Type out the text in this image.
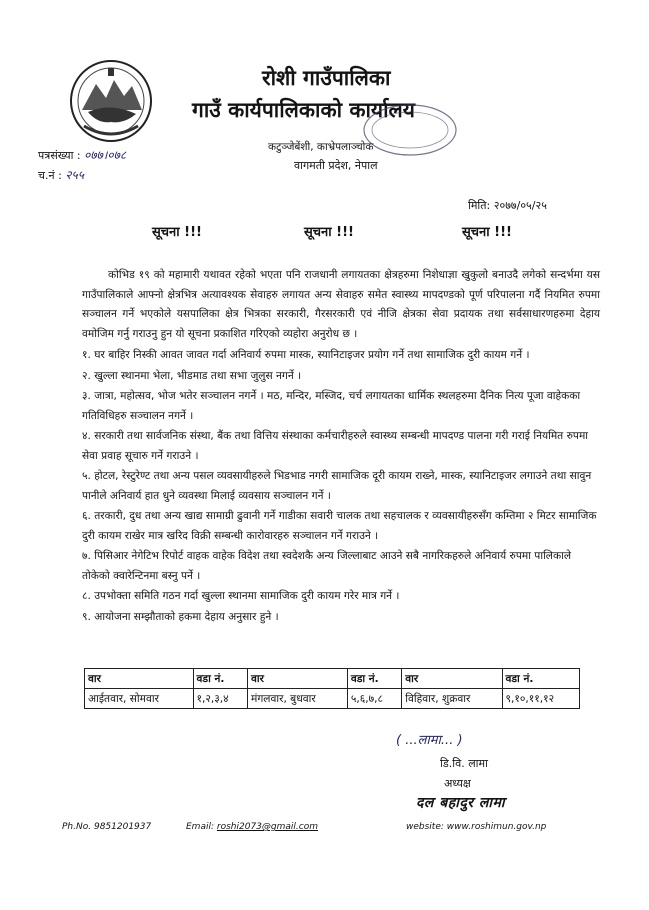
रोशी गाउँपालिका
गाउँ कार्यपालिकाको कार्यालय
कटुञ्जेबेंशी, काभ्रेपलाञ्चोक
वागमती प्रदेश, नेपाल
पत्रसंख्या : ०७७।०७८
च.नं : २५५
मिति: २०७७/०५/२५
सूचना !!!	सूचना !!!	सूचना !!!

कोभिड १९ को महामारी यथावत रहेको भएता पनि राजधानी लगायतका क्षेत्रहरुमा निशेधाज्ञा खुकुलो बनाउदै लगेको सन्दर्भमा यस गाउँपालिकाले आफ्नो क्षेत्रभित्र अत्यावश्यक सेवाहरु लगायत अन्य सेवाहरु समेत स्वास्थ्य मापदण्डको पूर्ण परिपालना गर्दै नियमित रुपमा सञ्चालन गर्ने भएकोले यसपालिका क्षेत्र भित्रका सरकारी, गैरसरकारी एवं नीजि क्षेत्रका सेवा प्रदायक तथा सर्वसाधारणहरुमा देहाय वमोजिम गर्नु गराउनु हुन यो सूचना प्रकाशित गरिएको व्यहोरा अनुरोध छ ।

१. घर बाहिर निस्की आवत जावत गर्दा अनिवार्य रुपमा मास्क, स्यानिटाइजर प्रयोग गर्ने तथा सामाजिक दुरी कायम गर्ने ।

२. खुल्ला स्थानमा भेला, भीडमाड तथा सभा जुलुस नगर्ने ।

३. जात्रा, महोत्सव, भोज भतेर सञ्चालन नगर्ने । मठ, मन्दिर, मस्जिद, चर्च लगायतका धार्मिक स्थलहरुमा दैनिक नित्य पूजा वाहेकका गतिविधिहरु सञ्चालन नगर्ने ।

४. सरकारी तथा सार्वजनिक संस्था, बैंक तथा वित्तिय संस्थाका कर्मचारीहरुले स्वास्थ्य सम्बन्धी मापदण्ड पालना गरी गराई नियमित रुपमा सेवा प्रवाह सूचारु गर्ने गराउने ।

५. होटल, रेस्टुरेण्ट तथा अन्य पसल व्यवसायीहरुले भिडभाड नगरी सामाजिक दूरी कायम राख्ने, मास्क, स्यानिटाइजर लगाउने तथा सावुन पानीले अनिवार्य हात धुने व्यवस्था मिलाई व्यवसाय सञ्चालन गर्ने ।

६. तरकारी, दुध तथा अन्य खाद्य सामाग्री ढुवानी गर्ने गाडीका सवारी चालक तथा सहचालक र व्यवसायीहरुसँग कम्तिमा २ मिटर सामाजिक दुरी कायम राखेर मात्र खरिद विक्री सम्बन्धी कारोवारहरु सञ्चालन गर्ने गराउने ।

७. पिसिआर नेगेटिभ रिपोर्ट वाहक वाहेक विदेश तथा स्वदेशकै अन्य जिल्लाबाट आउने सबै नागरिकहरुले अनिवार्य रुपमा पालिकाले तोकेको क्वारेन्टिनमा बस्नु पर्ने ।

८. उपभोक्ता समिति गठन गर्दा खुल्ला स्थानमा सामाजिक दुरी कायम गरेर मात्र गर्ने ।

९. आयोजना सम्झौताको हकमा देहाय अनुसार हुने ।

वार	वडा नं.	वार	वडा नं.	वार	वडा नं.
आईतवार, सोमवार	१,२,३,४	मंगलवार, बुधवार	५,६,७,८	विहिवार, शुक्रवार	९,१०,११,१२
( ...लामा... )
डि.वि. लामा
अध्यक्ष
दल बहादुर लामा
Ph.No. 9851201937	Email: roshi2073@gmail.com	website: www.roshimun.gov.np
